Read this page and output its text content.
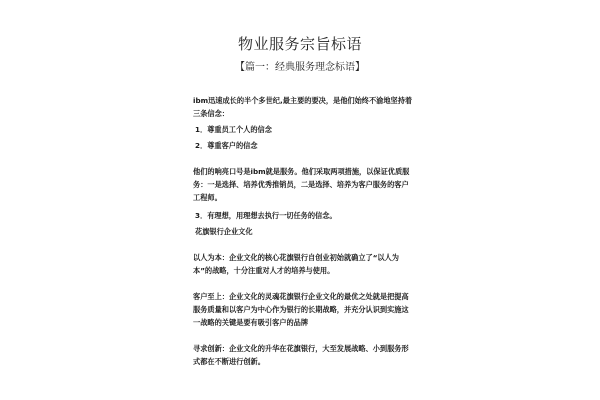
物业服务宗旨标语
【篇一：经典服务理念标语】

ibm迅速成长的半个多世纪,最主要的要决，是他们始终不渝地坚持着三条信念：

1．尊重员工个人的信念

2．尊重客户的信念

他们的响亮口号是ibm就是服务。他们采取两项措施，以保证优质服务：一是选择、培养优秀推销员，二是选择、培养为客户服务的客户工程师。

3．有理想，用理想去执行一切任务的信念。

花旗银行企业文化

以人为本：企业文化的核心花旗银行自创业初始就确立了“以人为本”的战略，十分注重对人才的培养与使用。

客户至上：企业文化的灵魂花旗银行企业文化的最优之处就是把提高服务质量和以客户为中心作为银行的长期战略，并充分认识到实施这一战略的关键是要有吸引客户的品牌

寻求创新：企业文化的升华在花旗银行，大至发展战略、小到服务形式都在不断进行创新。
